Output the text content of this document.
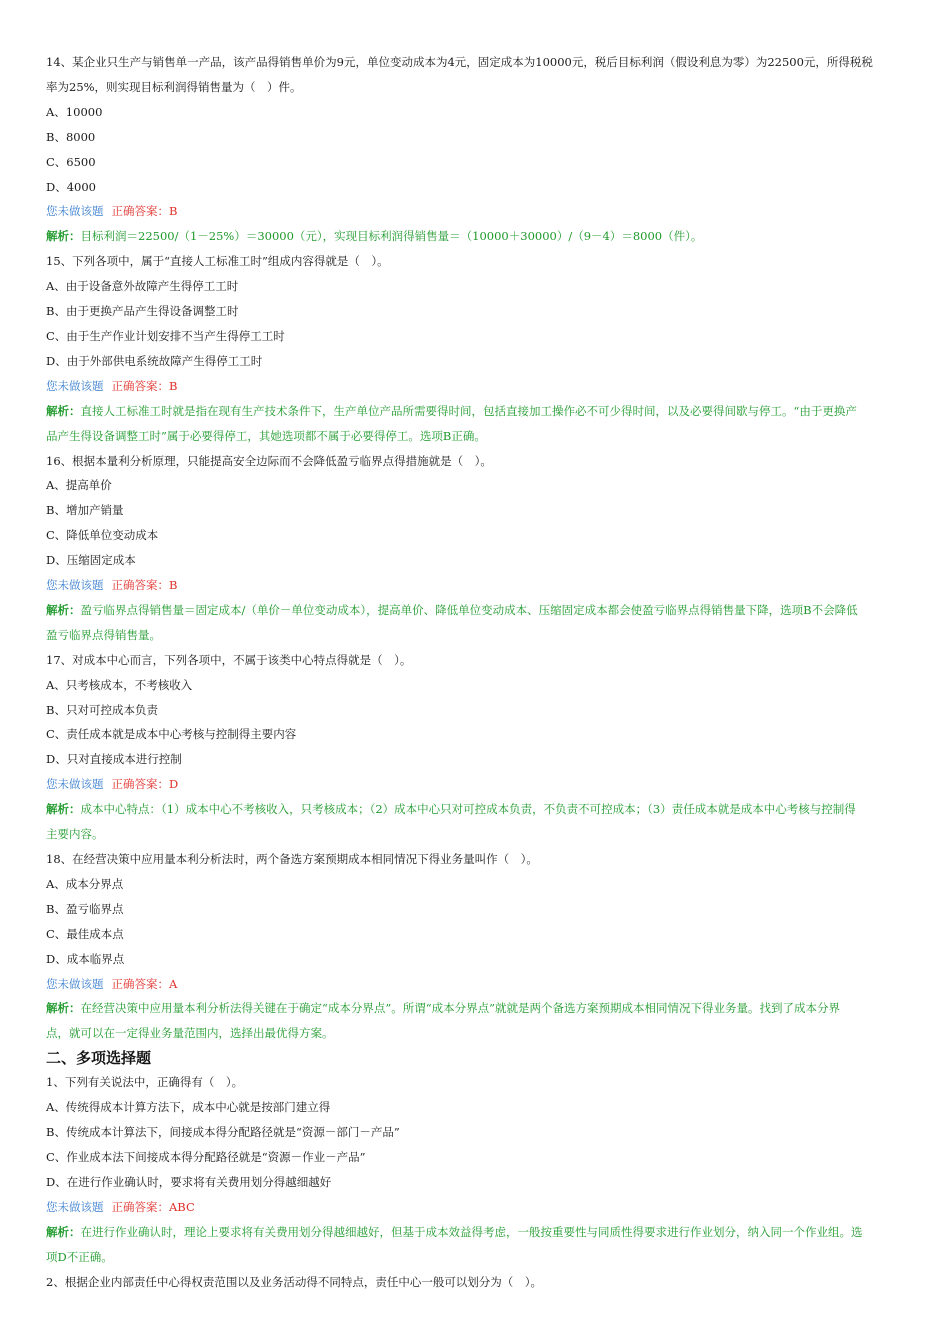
14、某企业只生产与销售单一产品，该产品得销售单价为9元，单位变动成本为4元，固定成本为10000元，税后目标利润（假设利息为零）为22500元，所得税税
率为25%，则实现目标利润得销售量为（　）件。
A、10000
B、8000
C、6500
D、4000
您未做该题 正确答案：B
解析：目标利润＝22500/（1－25%）＝30000（元），实现目标利润得销售量＝（10000＋30000）/（9－4）＝8000（件）。
15、下列各项中，属于“直接人工标准工时”组成内容得就是（　）。
A、由于设备意外故障产生得停工工时
B、由于更换产品产生得设备调整工时
C、由于生产作业计划安排不当产生得停工工时
D、由于外部供电系统故障产生得停工工时
您未做该题 正确答案：B
解析：直接人工标准工时就是指在现有生产技术条件下，生产单位产品所需要得时间，包括直接加工操作必不可少得时间，以及必要得间歇与停工。“由于更换产
品产生得设备调整工时”属于必要得停工，其她选项都不属于必要得停工。选项B正确。
16、根据本量利分析原理，只能提高安全边际而不会降低盈亏临界点得措施就是（　）。
A、提高单价
B、增加产销量
C、降低单位变动成本
D、压缩固定成本
您未做该题 正确答案：B
解析：盈亏临界点得销售量＝固定成本/（单价－单位变动成本），提高单价、降低单位变动成本、压缩固定成本都会使盈亏临界点得销售量下降，选项B不会降低
盈亏临界点得销售量。
17、对成本中心而言，下列各项中，不属于该类中心特点得就是（　）。
A、只考核成本，不考核收入
B、只对可控成本负责
C、责任成本就是成本中心考核与控制得主要内容
D、只对直接成本进行控制
您未做该题 正确答案：D
解析：成本中心特点：（1）成本中心不考核收入，只考核成本；（2）成本中心只对可控成本负责，不负责不可控成本；（3）责任成本就是成本中心考核与控制得
主要内容。
18、在经营决策中应用量本利分析法时，两个备选方案预期成本相同情况下得业务量叫作（　）。
A、成本分界点
B、盈亏临界点
C、最佳成本点
D、成本临界点
您未做该题 正确答案：A
解析：在经营决策中应用量本利分析法得关键在于确定“成本分界点”。所谓“成本分界点”就就是两个备选方案预期成本相同情况下得业务量。找到了成本分界
点，就可以在一定得业务量范围内，选择出最优得方案。
二、多项选择题
1、下列有关说法中，正确得有（　）。
A、传统得成本计算方法下，成本中心就是按部门建立得
B、传统成本计算法下，间接成本得分配路径就是“资源－部门－产品”
C、作业成本法下间接成本得分配路径就是“资源－作业－产品”
D、在进行作业确认时，要求将有关费用划分得越细越好
您未做该题 正确答案：ABC
解析：在进行作业确认时，理论上要求将有关费用划分得越细越好，但基于成本效益得考虑，一般按重要性与同质性得要求进行作业划分，纳入同一个作业组。选
项D不正确。
2、根据企业内部责任中心得权责范围以及业务活动得不同特点，责任中心一般可以划分为（　）。
